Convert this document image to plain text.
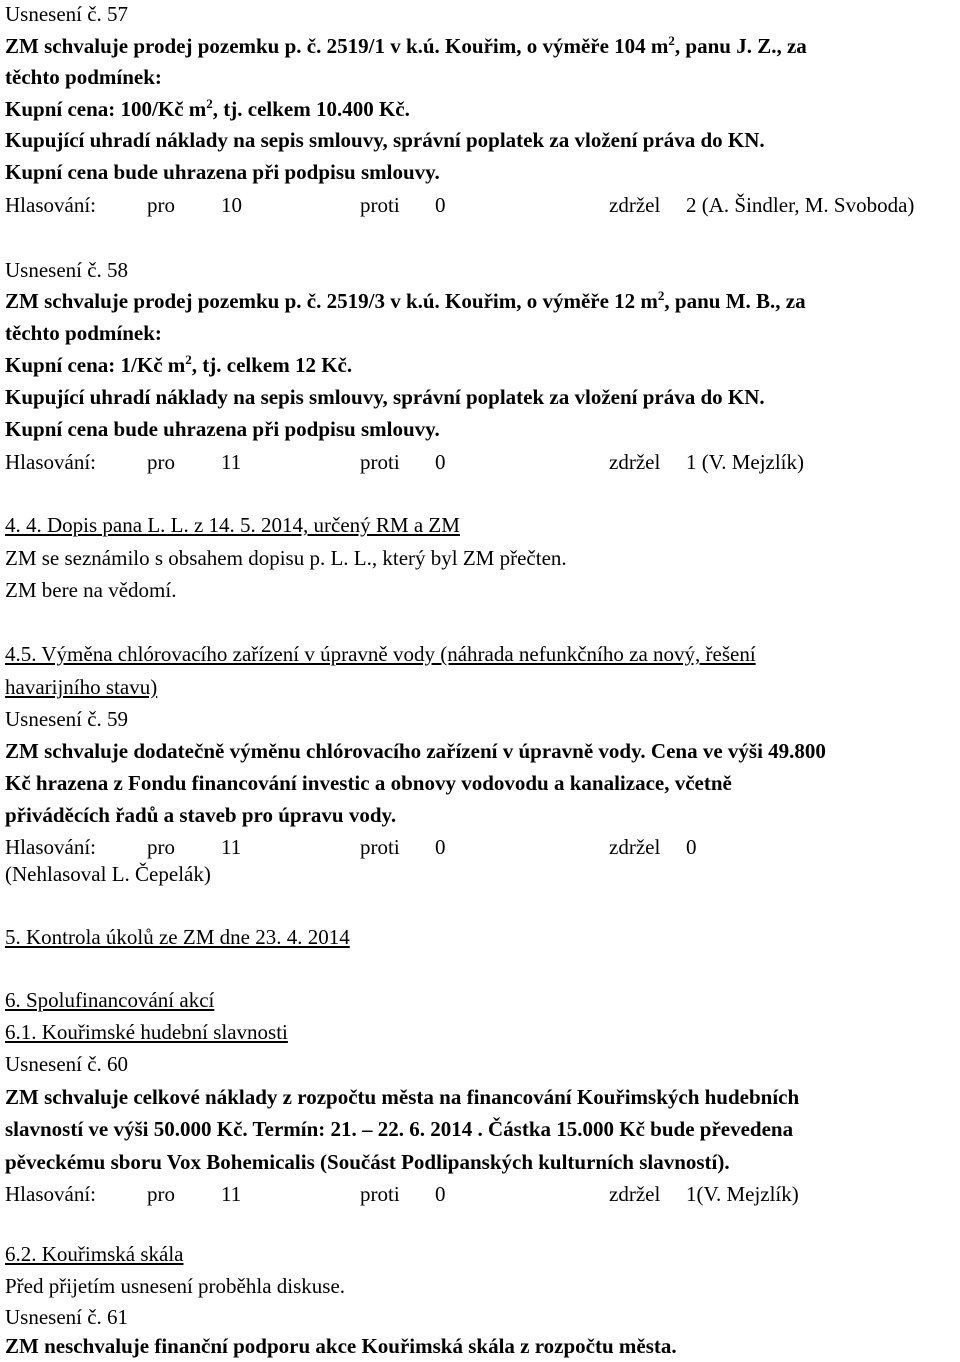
Usnesení č. 57
ZM schvaluje prodej pozemku p. č. 2519/1 v k.ú. Kouřim, o výměře 104 $m^2$, panu J. Z., za
těchto podmínek:
Kupní cena: 100/Kč $m^2$, tj. celkem 10.400 Kč.
Kupující uhradí náklady na sepis smlouvy, správní poplatek za vložení práva do KN.
Kupní cena bude uhrazena při podpisu smlouvy.
Hlasování: pro 10	proti 0	zdržel 2 (A. Šindler, M. Svoboda)
Usnesení č. 58
ZM schvaluje prodej pozemku p. č. 2519/3 v k.ú. Kouřim, o výměře 12 $m^2$, panu M. B., za
těchto podmínek:
Kupní cena: 1/Kč $m^2$, tj. celkem 12 Kč.
Kupující uhradí náklady na sepis smlouvy, správní poplatek za vložení práva do KN.
Kupní cena bude uhrazena při podpisu smlouvy.
Hlasování: pro 11	proti 0	zdržel 1 (V. Mejzlík)
4. 4. Dopis pana L. L. z 14. 5. 2014, určený RM a ZM
ZM se seznámilo s obsahem dopisu p. L. L., který byl ZM přečten.
ZM bere na vědomí.
4.5. Výměna chlórovacího zařízení v úpravně vody (náhrada nefunkčního za nový, řešení
havarijního stavu)
Usnesení č. 59
ZM schvaluje dodatečně výměnu chlórovacího zařízení v úpravně vody. Cena ve výši 49.800
Kč hrazena z Fondu financování investic a obnovy vodovodu a kanalizace, včetně
přiváděcích řadů a staveb pro úpravu vody.
Hlasování: pro 11	proti 0	zdržel 0
(Nehlasoval L. Čepelák)
5. Kontrola úkolů ze ZM dne 23. 4. 2014
6. Spolufinancování akcí
6.1. Kouřimské hudební slavnosti
Usnesení č. 60
ZM schvaluje celkové náklady z rozpočtu města na financování Kouřimských hudebních
slavností ve výši 50.000 Kč. Termín: 21. – 22. 6. 2014 . Částka 15.000 Kč bude převedena
pěveckému sboru Vox Bohemicalis (Součást Podlipanských kulturních slavností).
Hlasování: pro 11	proti 0	zdržel 1(V. Mejzlík)
6.2. Kouřimská skála
Před přijetím usnesení proběhla diskuse.
Usnesení č. 61
ZM neschvaluje finanční podporu akce Kouřimská skála z rozpočtu města.
